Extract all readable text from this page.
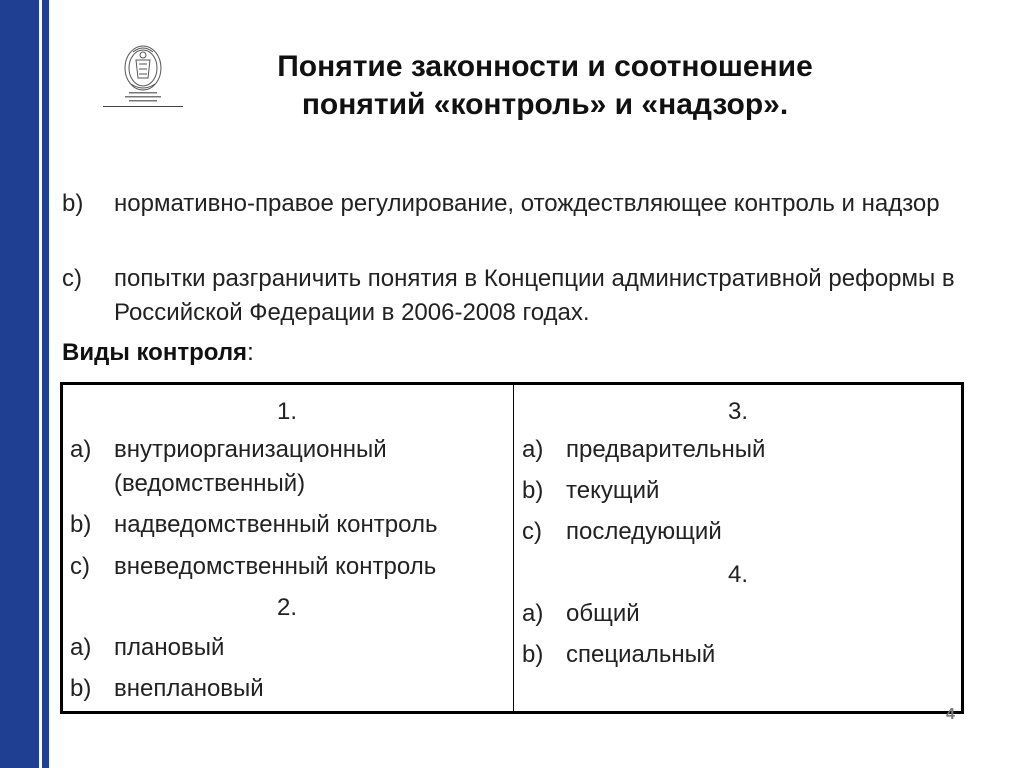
Понятие законности и соотношение
понятий «контроль» и «надзор».
b) нормативно-правое регулирование, отождествляющее контроль и надзор
c) попытки разграничить понятия в Концепции административной реформы в Российской Федерации в 2006-2008 годах.
Виды контроля:
1.
a) внутриорганизационный (ведомственный)
b) надведомственный контроль
c) вневедомственный контроль
2.
a) плановый
b) внеплановый
3.
a) предварительный
b) текущий
c) последующий
4.
a) общий
b) специальный
4
